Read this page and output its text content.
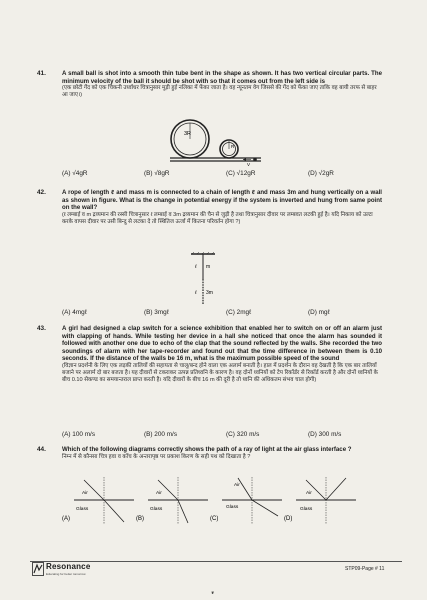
41.	A small ball is shot into a smooth thin tube bent in the shape as shown. It has two vertical circular parts. The minimum velocity of the ball it should be shot with so that it comes out from the left side is
(एक छोटी गेंद को एक चिकनी उर्ध्वाधर चित्रानुसार मुड़ी हुई नलिका में फेंका जाता है। वह न्यूनतम वेग जिससे की गेंद को फेंका जाए ताकि वह बायी तरफ से बाहर आ जाए।)
3R
R
V
(A) √4gR	(B) √8gR	(C) √12gR	(D) √2gR
42.	A rope of length ℓ and mass m is connected to a chain of length ℓ and mass 3m and hung vertically on a wall as shown in figure. What is the change in potential energy if the system is inverted and hung from same point on the wall?
(ℓ लम्बाई व m द्रव्यमान की रस्सी चित्रानुसार ℓ लम्बाई व 3m द्रव्यमान की चैन से जुड़ी है तथा चित्रानुसार दीवार पर लम्बवत लटकी हुई है। यदि निकाय को उल्टा करके वापस दीवार पर उसी बिन्दु से लटका दे तो स्थितिज ऊर्जा में कितना परिवर्तन होगा ?)
m
3m
ℓ
ℓ
(A) 4mgℓ	(B) 3mgℓ	(C) 2mgℓ	(D) mgℓ
43.	A girl had designed a clap switch for a science exhibition that enabled her to switch on or off an alarm just with clapping of hands. While testing her device in a hall she noticed that once the alarm has sounded it followed with another one due to echo of the clap that the sound reflected by the walls. She recorded the two soundings of alarm with her tape-recorder and found out that the time difference in between them is 0.10 seconds. If the distance of the walls be 16 m, what is the maximum possible speed of the sound
(विज्ञान प्रदर्शनी के लिए एक लड़की तालियों की सहायता से चालू/बन्द होने वाला एक अलार्म बनाती है। हाल में प्रदर्शन के दौरान वह देखती है कि एक बार तालियाँ बजाने पर अलार्म दो बार बजता है। यह दीवारों से टकराकर उत्पन्न प्रतिध्वनि के कारण है। वह दोनों ध्वनियों को टेप रिकॉर्डर से रिकॉर्ड करती है और दोनों ध्वनियों के बीच 0.10 सेकण्ड का समयान्तराल प्राप्त करती है। यदि दीवारों के बीच 16 m की दूरी है तो ध्वनि की अधिकतम संभव चाल होगी)
(A) 100 m/s	(B) 200 m/s	(C) 320 m/s	(D) 300 m/s
44.	Which of the following diagrams correctly shows the path of a ray of light at the air glass interface ?
निम्न में से कौनसा चित्र हवा व काँच के अन्तरापृष्ठ पर प्रकाश किरण के सही पथ को दिखाता है ?
(A)
Air
Glass
(B)
Air
Glass
(C)
Air
Glass
(D)
Air
Glass
Resonance
Educating for better tomorrow
STP09-Page # 11
❦
